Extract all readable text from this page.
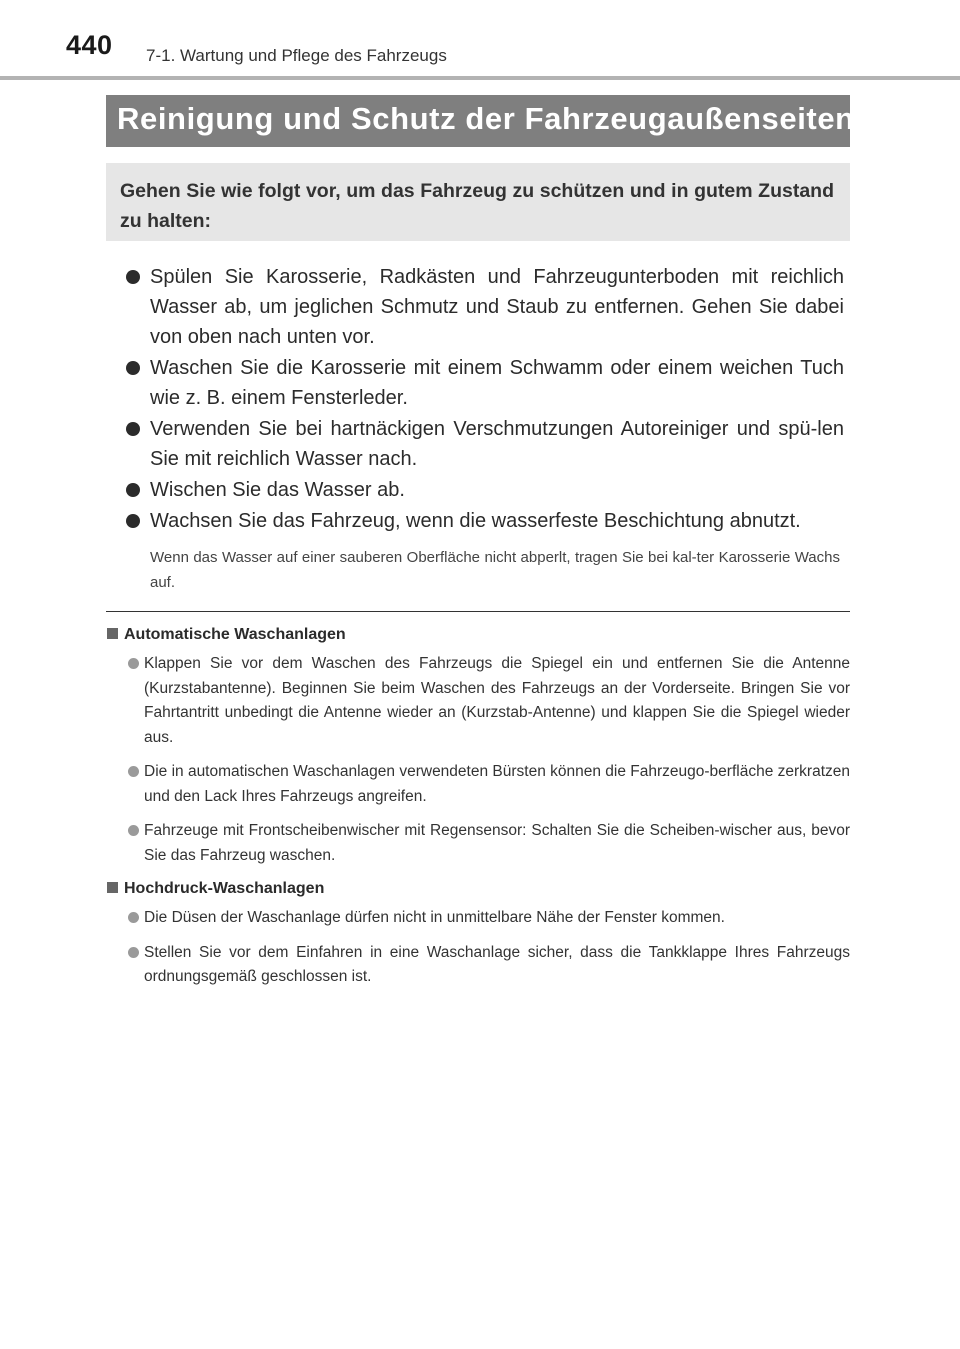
440 7-1. Wartung und Pflege des Fahrzeugs
Reinigung und Schutz der Fahrzeugaußenseiten

Gehen Sie wie folgt vor, um das Fahrzeug zu schützen und in gutem Zustand zu halten:

Spülen Sie Karosserie, Radkästen und Fahrzeugunterboden mit reichlich Wasser ab, um jeglichen Schmutz und Staub zu entfernen. Gehen Sie dabei von oben nach unten vor.
Waschen Sie die Karosserie mit einem Schwamm oder einem weichen Tuch wie z. B. einem Fensterleder.
Verwenden Sie bei hartnäckigen Verschmutzungen Autoreiniger und spü-len Sie mit reichlich Wasser nach.
Wischen Sie das Wasser ab.
Wachsen Sie das Fahrzeug, wenn die wasserfeste Beschichtung abnutzt.
Wenn das Wasser auf einer sauberen Oberfläche nicht abperlt, tragen Sie bei kal-ter Karosserie Wachs auf.
Automatische Waschanlagen
Klappen Sie vor dem Waschen des Fahrzeugs die Spiegel ein und entfernen Sie die Antenne (Kurzstabantenne). Beginnen Sie beim Waschen des Fahrzeugs an der Vorderseite. Bringen Sie vor Fahrtantritt unbedingt die Antenne wieder an (Kurzstab-Antenne) und klappen Sie die Spiegel wieder aus.
Die in automatischen Waschanlagen verwendeten Bürsten können die Fahrzeugo-berfläche zerkratzen und den Lack Ihres Fahrzeugs angreifen.
Fahrzeuge mit Frontscheibenwischer mit Regensensor: Schalten Sie die Scheiben-wischer aus, bevor Sie das Fahrzeug waschen.
Hochdruck-Waschanlagen
Die Düsen der Waschanlage dürfen nicht in unmittelbare Nähe der Fenster kommen.
Stellen Sie vor dem Einfahren in eine Waschanlage sicher, dass die Tankklappe Ihres Fahrzeugs ordnungsgemäß geschlossen ist.
